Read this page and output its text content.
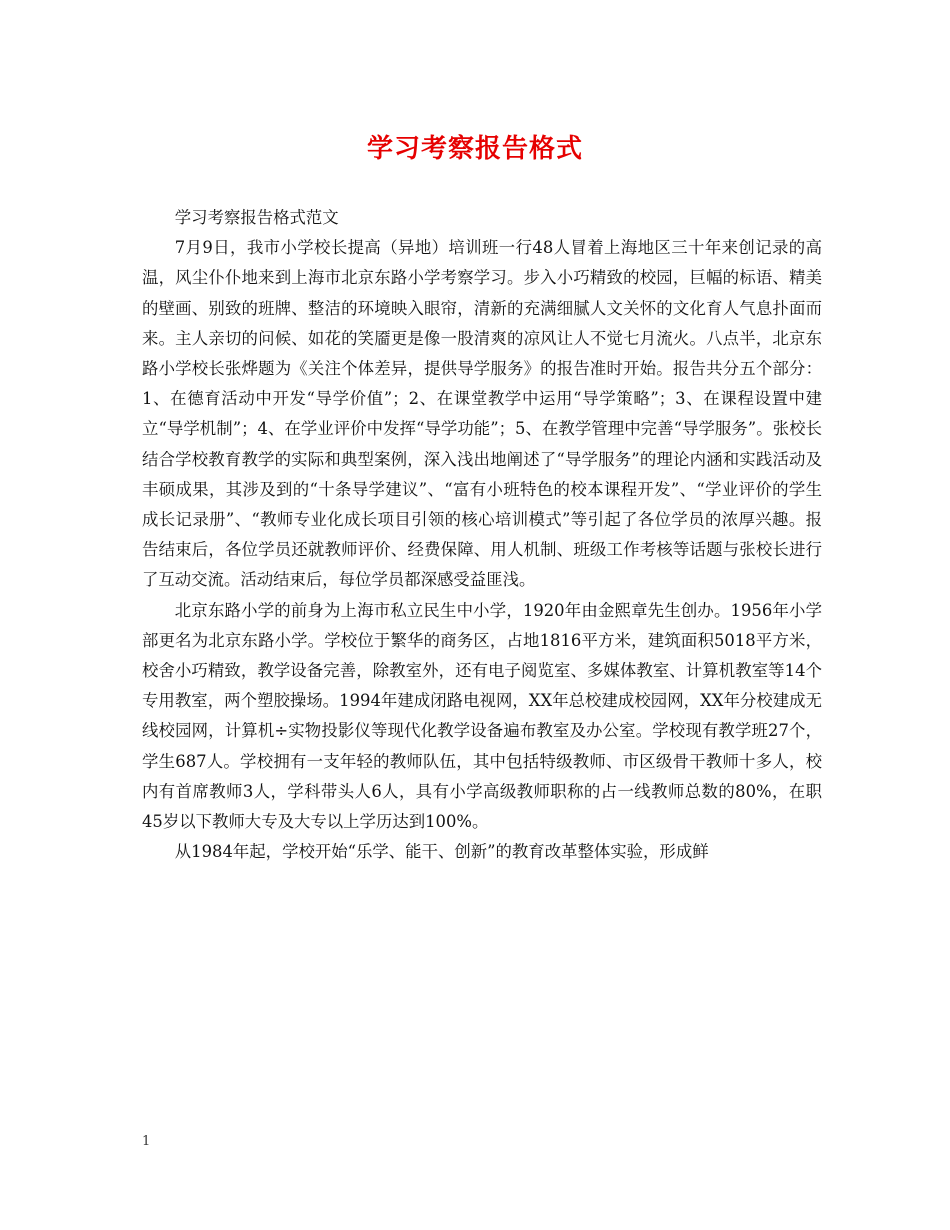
学习考察报告格式

学习考察报告格式范文

7月9日，我市小学校长提高（异地）培训班一行48人冒着上海地区三十年来创记录的高温，风尘仆仆地来到上海市北京东路小学考察学习。步入小巧精致的校园，巨幅的标语、精美的壁画、别致的班牌、整洁的环境映入眼帘，清新的充满细腻人文关怀的文化育人气息扑面而来。主人亲切的问候、如花的笑靥更是像一股清爽的凉风让人不觉七月流火。八点半，北京东路小学校长张烨题为《关注个体差异，提供导学服务》的报告准时开始。报告共分五个部分：1、在德育活动中开发“导学价值”；2、在课堂教学中运用“导学策略”；3、在课程设置中建立“导学机制”；4、在学业评价中发挥“导学功能”；5、在教学管理中完善“导学服务”。张校长结合学校教育教学的实际和典型案例，深入浅出地阐述了“导学服务”的理论内涵和实践活动及丰硕成果，其涉及到的“十条导学建议”、“富有小班特色的校本课程开发”、“学业评价的学生成长记录册”、“教师专业化成长项目引领的核心培训模式”等引起了各位学员的浓厚兴趣。报告结束后，各位学员还就教师评价、经费保障、用人机制、班级工作考核等话题与张校长进行了互动交流。活动结束后，每位学员都深感受益匪浅。

北京东路小学的前身为上海市私立民生中小学，1920年由金熙章先生创办。1956年小学部更名为北京东路小学。学校位于繁华的商务区，占地1816平方米，建筑面积5018平方米，校舍小巧精致，教学设备完善，除教室外，还有电子阅览室、多媒体教室、计算机教室等14个专用教室，两个塑胶操场。1994年建成闭路电视网，XX年总校建成校园网，XX年分校建成无线校园网，计算机÷实物投影仪等现代化教学设备遍布教室及办公室。学校现有教学班27个，学生687人。学校拥有一支年轻的教师队伍，其中包括特级教师、市区级骨干教师十多人，校内有首席教师3人，学科带头人6人，具有小学高级教师职称的占一线教师总数的80%，在职45岁以下教师大专及大专以上学历达到100%。

从1984年起，学校开始“乐学、能干、创新”的教育改革整体实验，形成鲜

1
